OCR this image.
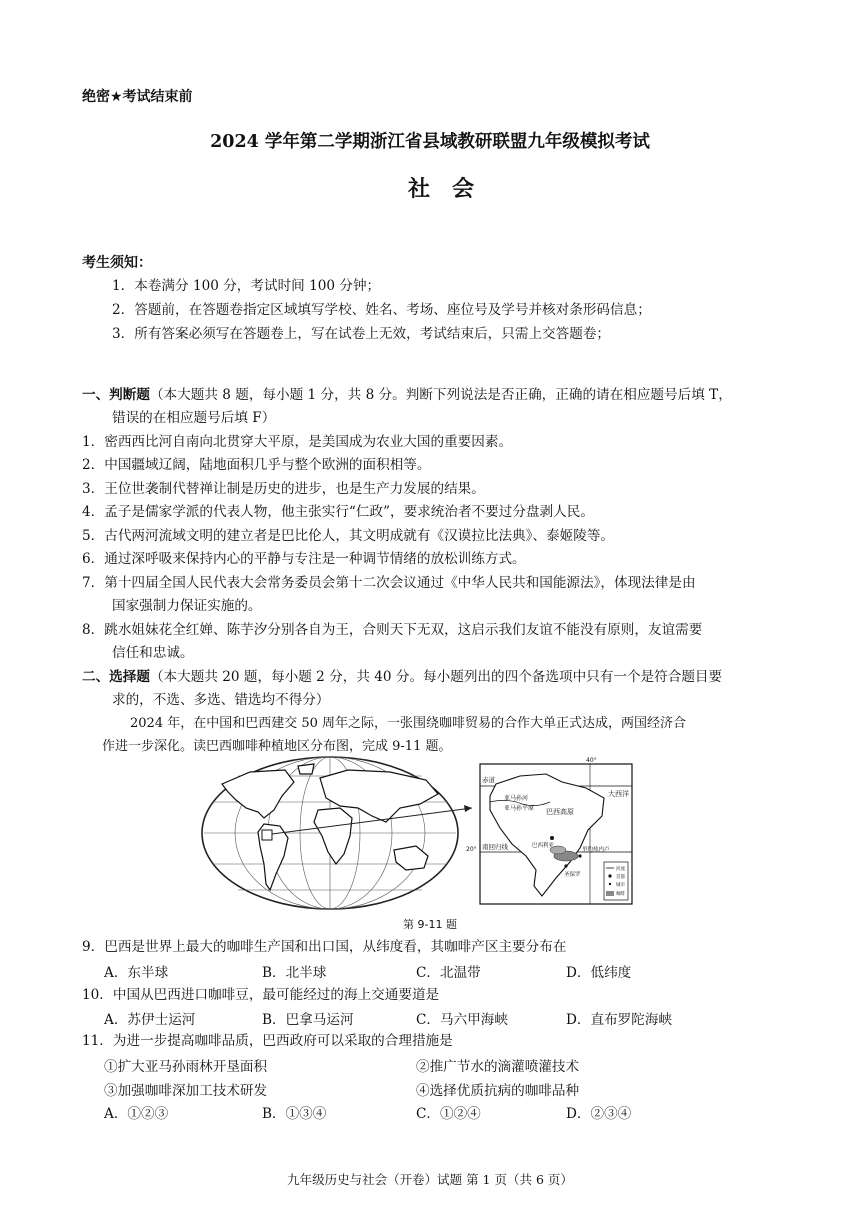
绝密★考试结束前
2024 学年第二学期浙江省县域教研联盟九年级模拟考试
社会
考生须知：
1．本卷满分 100 分，考试时间 100 分钟；
2．答题前，在答题卷指定区域填写学校、姓名、考场、座位号及学号并核对条形码信息；
3．所有答案必须写在答题卷上，写在试卷上无效，考试结束后，只需上交答题卷；
一、判断题（本大题共 8 题，每小题 1 分，共 8 分。判断下列说法是否正确，正确的请在相应题号后填 T，
错误的在相应题号后填 F）
1．密西西比河自南向北贯穿大平原，是美国成为农业大国的重要因素。
2．中国疆域辽阔，陆地面积几乎与整个欧洲的面积相等。
3．王位世袭制代替禅让制是历史的进步，也是生产力发展的结果。
4．孟子是儒家学派的代表人物，他主张实行“仁政”，要求统治者不要过分盘剥人民。
5．古代两河流域文明的建立者是巴比伦人，其文明成就有《汉谟拉比法典》、泰姬陵等。
6．通过深呼吸来保持内心的平静与专注是一种调节情绪的放松训练方式。
7．第十四届全国人民代表大会常务委员会第十二次会议通过《中华人民共和国能源法》，体现法律是由
国家强制力保证实施的。
8．跳水姐妹花全红婵、陈芋汐分别各自为王，合则天下无双，这启示我们友谊不能没有原则，友谊需要
信任和忠诚。
二、选择题（本大题共 20 题，每小题 2 分，共 40 分。每小题列出的四个备选项中只有一个是符合题目要
求的，不选、多选、错选均不得分）
2024 年，在中国和巴西建交 50 周年之际，一张围绕咖啡贸易的合作大单正式达成，两国经济合
作进一步深化。读巴西咖啡种植地区分布图，完成 9-11 题。
赤道
南回归线
亚马孙河
亚马孙平原 巴西高原
巴西利亚
里约热内卢
圣保罗
大西洋
40°
20°
河流
首都
城市
咖啡
第 9-11 题
9．巴西是世界上最大的咖啡生产国和出口国，从纬度看，其咖啡产区主要分布在
A．东半球	B．北半球	C．北温带	D．低纬度
10．中国从巴西进口咖啡豆，最可能经过的海上交通要道是
A．苏伊士运河	B．巴拿马运河	C．马六甲海峡	D．直布罗陀海峡
11．为进一步提高咖啡品质，巴西政府可以采取的合理措施是
①扩大亚马孙雨林开垦面积	②推广节水的滴灌喷灌技术
③加强咖啡深加工技术研发	④选择优质抗病的咖啡品种
A．①②③	B．①③④	C．①②④	D．②③④
九年级历史与社会（开卷）试题 第 1 页（共 6 页）
